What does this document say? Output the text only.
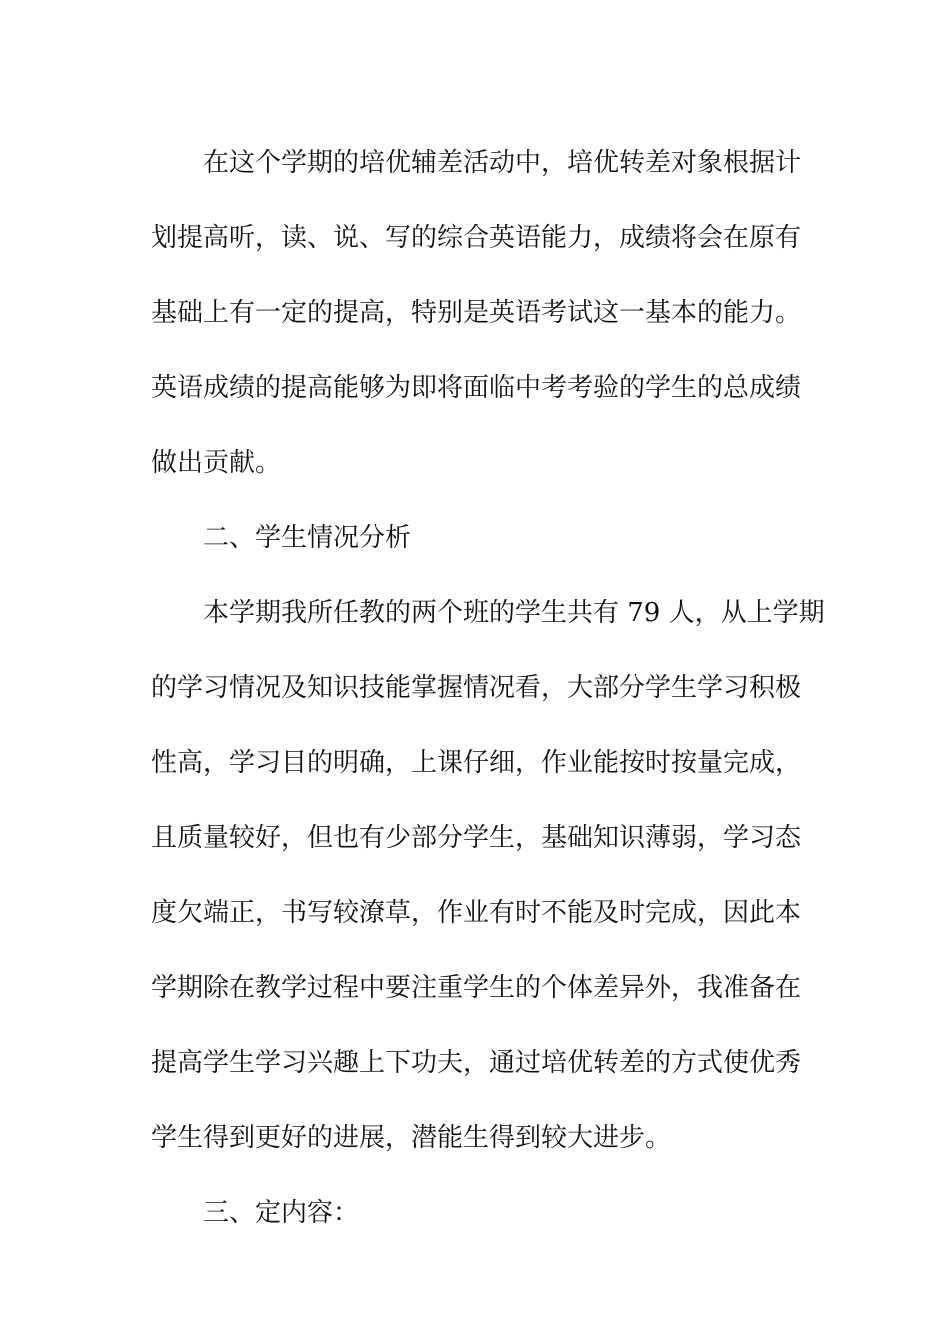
在这个学期的培优辅差活动中，培优转差对象根据计
划提高听，读、说、写的综合英语能力，成绩将会在原有
基础上有一定的提高，特别是英语考试这一基本的能力。
英语成绩的提高能够为即将面临中考考验的学生的总成绩
做出贡献。
二、学生情况分析
本学期我所任教的两个班的学生共有 79 人，从上学期
的学习情况及知识技能掌握情况看，大部分学生学习积极
性高，学习目的明确，上课仔细，作业能按时按量完成，
且质量较好，但也有少部分学生，基础知识薄弱，学习态
度欠端正，书写较潦草，作业有时不能及时完成，因此本
学期除在教学过程中要注重学生的个体差异外，我准备在
提高学生学习兴趣上下功夫，通过培优转差的方式使优秀
学生得到更好的进展，潜能生得到较大进步。
三、定内容：
